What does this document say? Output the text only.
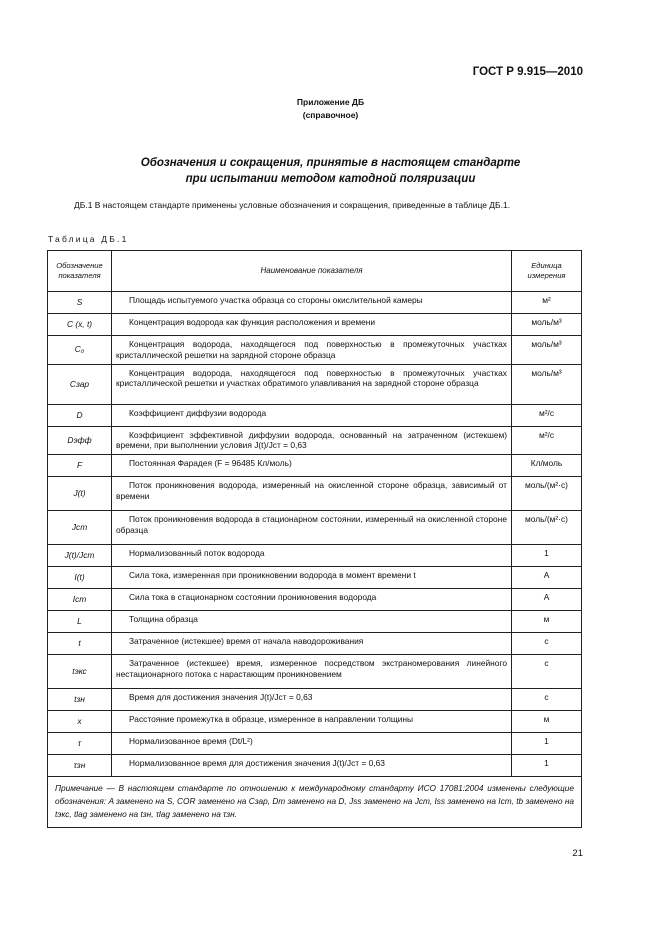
ГОСТ Р 9.915—2010
Приложение ДБ
(справочное)
Обозначения и сокращения, принятые в настоящем стандарте
при испытании методом катодной поляризации
ДБ.1 В настоящем стандарте применены условные обозначения и сокращения, приведенные в таблице ДБ.1.
Таблица ДБ.1
Обозначение показателя	Наименование показателя	Единица измерения
S	Площадь испытуемого участка образца со стороны окислительной камеры	м²
C (x, t)	Концентрация водорода как функция расположения и времени	моль/м³
C₀	Концентрация водорода, находящегося под поверхностью в промежуточных участках кристаллической решетки на зарядной стороне образца	моль/м³
Cзар	Концентрация водорода, находящегося под поверхностью в промежуточных участках кристаллической решетки и участках обратимого улавливания на зарядной стороне образца	моль/м³
D	Коэффициент диффузии водорода	м²/с
Dэфф	Коэффициент эффективной диффузии водорода, основанный на затраченном (истекшем) времени, при выполнении условия J(t)/Jст = 0,63	м²/с
F	Постоянная Фарадея (F = 96485 Кл/моль)	Кл/моль
J(t)	Поток проникновения водорода, измеренный на окисленной стороне образца, зависимый от времени	моль/(м²·с)
Jст	Поток проникновения водорода в стационарном состоянии, измеренный на окисленной стороне образца	моль/(м²·с)
J(t)/Jст	Нормализованный поток водорода	1
I(t)	Сила тока, измеренная при проникновении водорода в момент времени t	А
Iст	Сила тока в стационарном состоянии проникновения водорода	А
L	Толщина образца	м
t	Затраченное (истекшее) время от начала наводороживания	с
tэкс	Затраченное (истекшее) время, измеренное посредством экстраномерования линейного нестационарного потока с нарастающим проникновением	с
tзн	Время для достижения значения J(t)/Jст = 0,63	с
x	Расстояние промежутка в образце, измеренное в направлении толщины	м
τ	Нормализованное время (Dt/L²)	1
τзн	Нормализованное время для достижения значения J(t)/Jст = 0,63	1
Примечание — В настоящем стандарте по отношению к международному стандарту ИСО 17081:2004 изменены следующие обозначения: A заменено на S, COR заменено на Cзар, Dт заменено на D, Jss заменено на Jст, Iss заменено на Iст, tb заменено на tэкс, tlag заменено на tзн, τlag заменено на τзн.		
21
